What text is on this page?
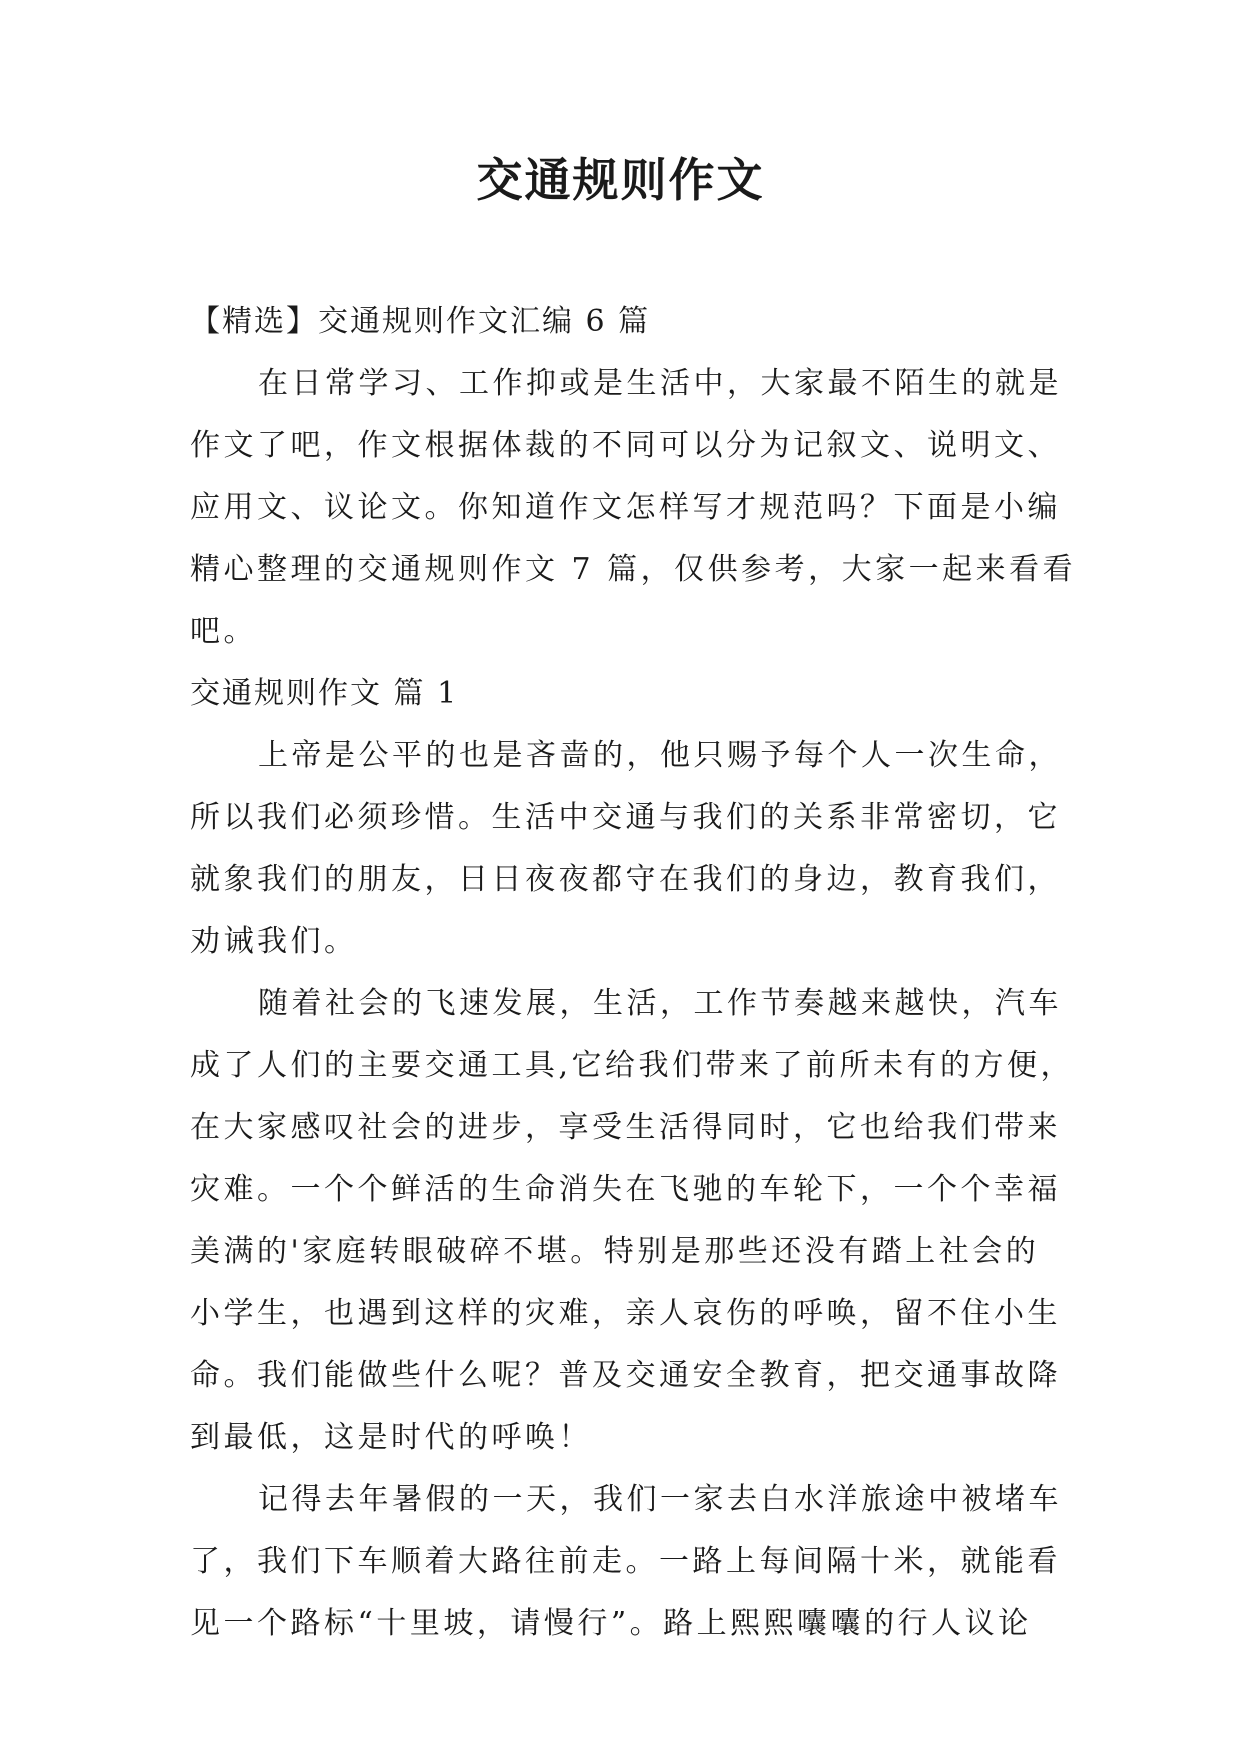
交通规则作文
【精选】交通规则作文汇编 6 篇
在日常学习、工作抑或是生活中，大家最不陌生的就是
作文了吧，作文根据体裁的不同可以分为记叙文、说明文、
应用文、议论文。你知道作文怎样写才规范吗？下面是小编
精心整理的交通规则作文 7 篇，仅供参考，大家一起来看看
吧。
交通规则作文 篇 1
上帝是公平的也是吝啬的，他只赐予每个人一次生命，
所以我们必须珍惜。生活中交通与我们的关系非常密切，它
就象我们的朋友，日日夜夜都守在我们的身边，教育我们，
劝诫我们。
随着社会的飞速发展，生活，工作节奏越来越快，汽车
成了人们的主要交通工具,它给我们带来了前所未有的方便，
在大家感叹社会的进步，享受生活得同时，它也给我们带来
灾难。一个个鲜活的生命消失在飞驰的车轮下，一个个幸福
美满的'家庭转眼破碎不堪。特别是那些还没有踏上社会的
小学生，也遇到这样的灾难，亲人哀伤的呼唤，留不住小生
命。我们能做些什么呢？普及交通安全教育，把交通事故降
到最低，这是时代的呼唤！
记得去年暑假的一天，我们一家去白水洋旅途中被堵车
了，我们下车顺着大路往前走。一路上每间隔十米，就能看
见一个路标“十里坡，请慢行”。路上熙熙囔囔的行人议论
